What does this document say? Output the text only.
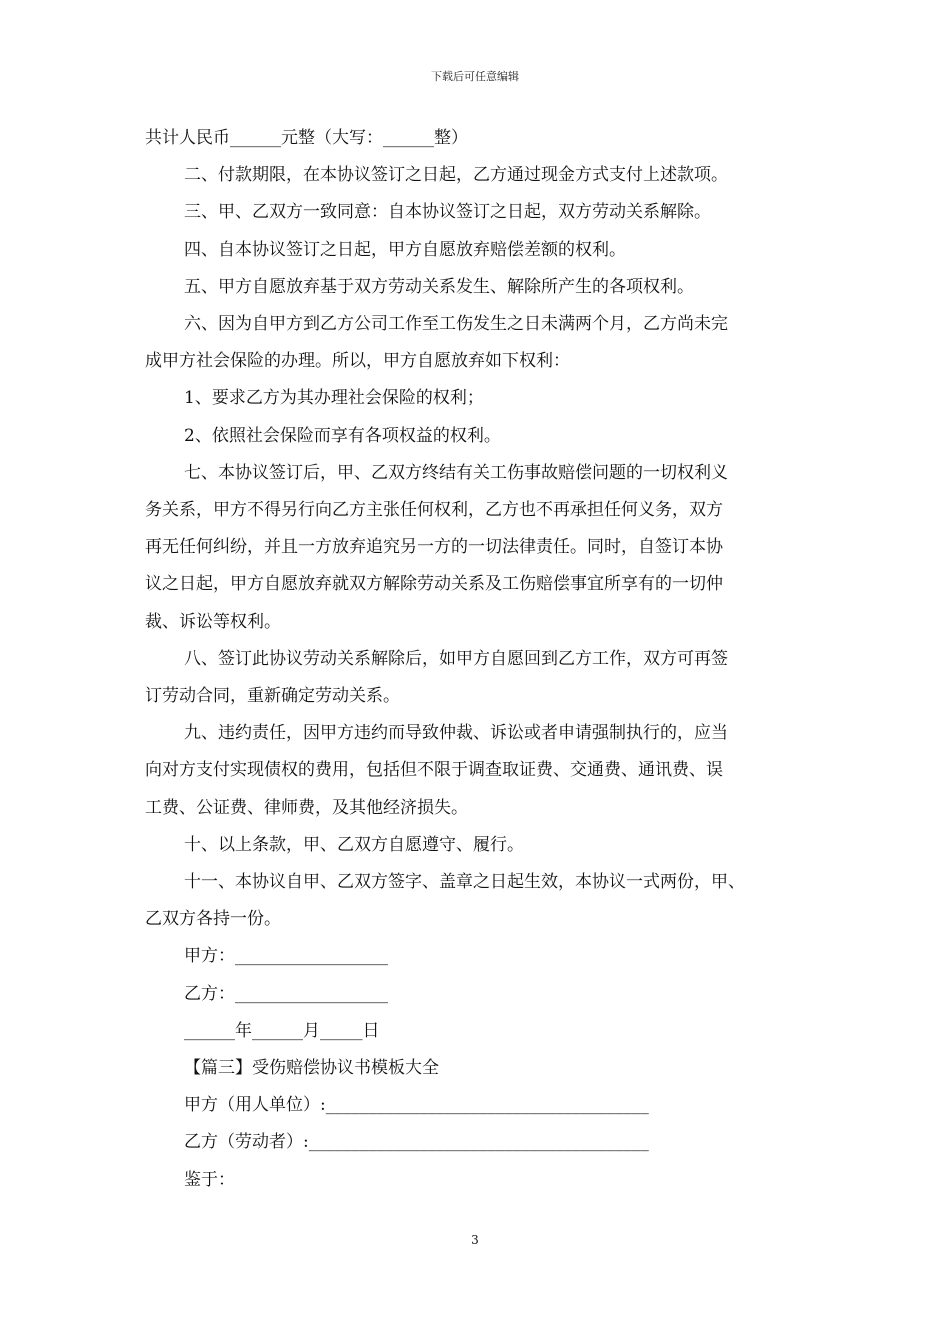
下载后可任意编辑

共计人民币______元整（大写：______整）

二、付款期限，在本协议签订之日起，乙方通过现金方式支付上述款项。

三、甲、乙双方一致同意：自本协议签订之日起，双方劳动关系解除。

四、自本协议签订之日起，甲方自愿放弃赔偿差额的权利。

五、甲方自愿放弃基于双方劳动关系发生、解除所产生的各项权利。

六、因为自甲方到乙方公司工作至工伤发生之日未满两个月，乙方尚未完

成甲方社会保险的办理。所以，甲方自愿放弃如下权利：

1、要求乙方为其办理社会保险的权利；

2、依照社会保险而享有各项权益的权利。

七、本协议签订后，甲、乙双方终结有关工伤事故赔偿问题的一切权利义

务关系，甲方不得另行向乙方主张任何权利，乙方也不再承担任何义务，双方

再无任何纠纷，并且一方放弃追究另一方的一切法律责任。同时，自签订本协

议之日起，甲方自愿放弃就双方解除劳动关系及工伤赔偿事宜所享有的一切仲

裁、诉讼等权利。

八、签订此协议劳动关系解除后，如甲方自愿回到乙方工作，双方可再签

订劳动合同，重新确定劳动关系。

九、违约责任，因甲方违约而导致仲裁、诉讼或者申请强制执行的，应当

向对方支付实现债权的费用，包括但不限于调查取证费、交通费、通讯费、误

工费、公证费、律师费，及其他经济损失。

十、以上条款，甲、乙双方自愿遵守、履行。

十一、本协议自甲、乙双方签字、盖章之日起生效，本协议一式两份，甲、

乙双方各持一份。

甲方：__________________

乙方：__________________

______年______月_____日

【篇三】受伤赔偿协议书模板大全

甲方（用人单位）:______________________________________

乙方（劳动者）:________________________________________

鉴于：

3
